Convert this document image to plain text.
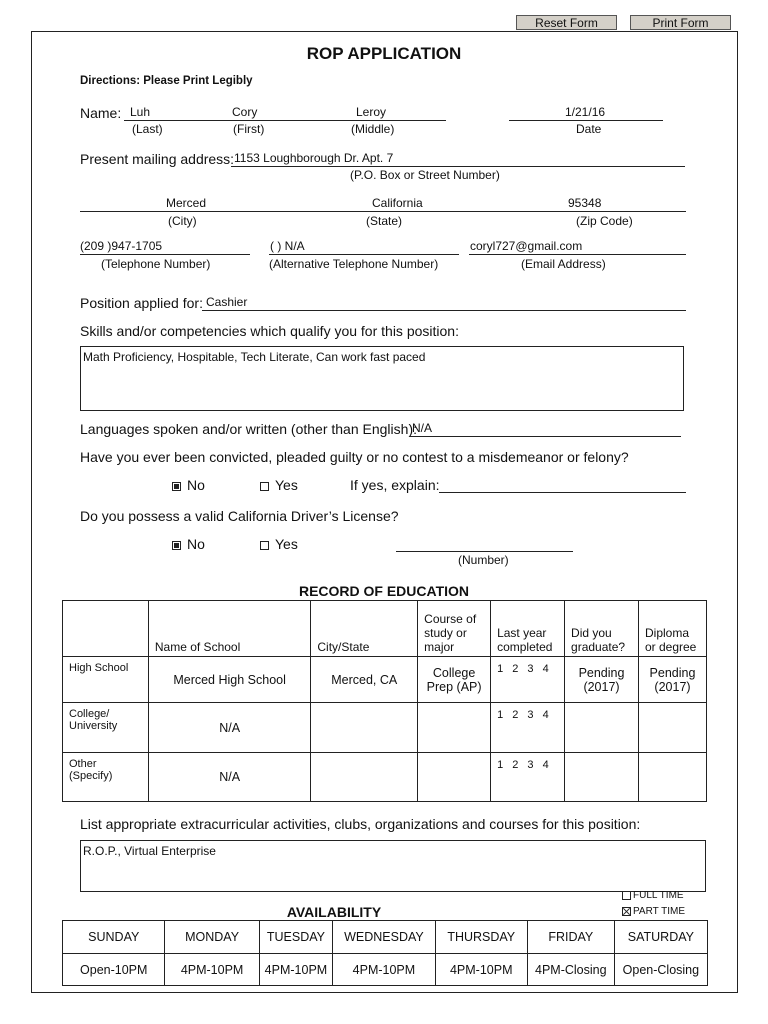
Reset Form	Print Form
ROP APPLICATION
Directions: Please Print Legibly
Name: Luh	Cory	Leroy	1/21/16
(Last)	(First)	(Middle)	Date
Present mailing address: 1153 Loughborough Dr. Apt. 7
(P.O. Box or Street Number)
Merced	California	95348
(City)	(State)	(Zip Code)
(209 )947-1705	( ) N/A	coryl727@gmail.com
(Telephone Number)	(Alternative Telephone Number)	(Email Address)
Position applied for: Cashier
Skills and/or competencies which qualify you for this position:
Math Proficiency, Hospitable, Tech Literate, Can work fast paced
Languages spoken and/or written (other than English):
N/A
Have you ever been convicted, pleaded guilty or no contest to a misdemeanor or felony?
No	Yes	If yes, explain:
Do you possess a valid California Driver’s License?
No	Yes
(Number)
RECORD OF EDUCATION
	Name of School	City/State	Course of study or major	Last year completed	Did you graduate?	Diploma or degree
High School	Merced High School	Merced, CA	College Prep (AP)	1 2 3 4	Pending (2017)	Pending (2017)
College/ University	N/A			1 2 3 4		
Other (Specify)	N/A			1 2 3 4		
List appropriate extracurricular activities, clubs, organizations and courses for this position:
R.O.P., Virtual Enterprise
FULL TIME
PART TIME
AVAILABILITY
SUNDAY	MONDAY	TUESDAY	WEDNESDAY	THURSDAY	FRIDAY	SATURDAY
Open-10PM	4PM-10PM	4PM-10PM	4PM-10PM	4PM-10PM	4PM-Closing	Open-Closing
